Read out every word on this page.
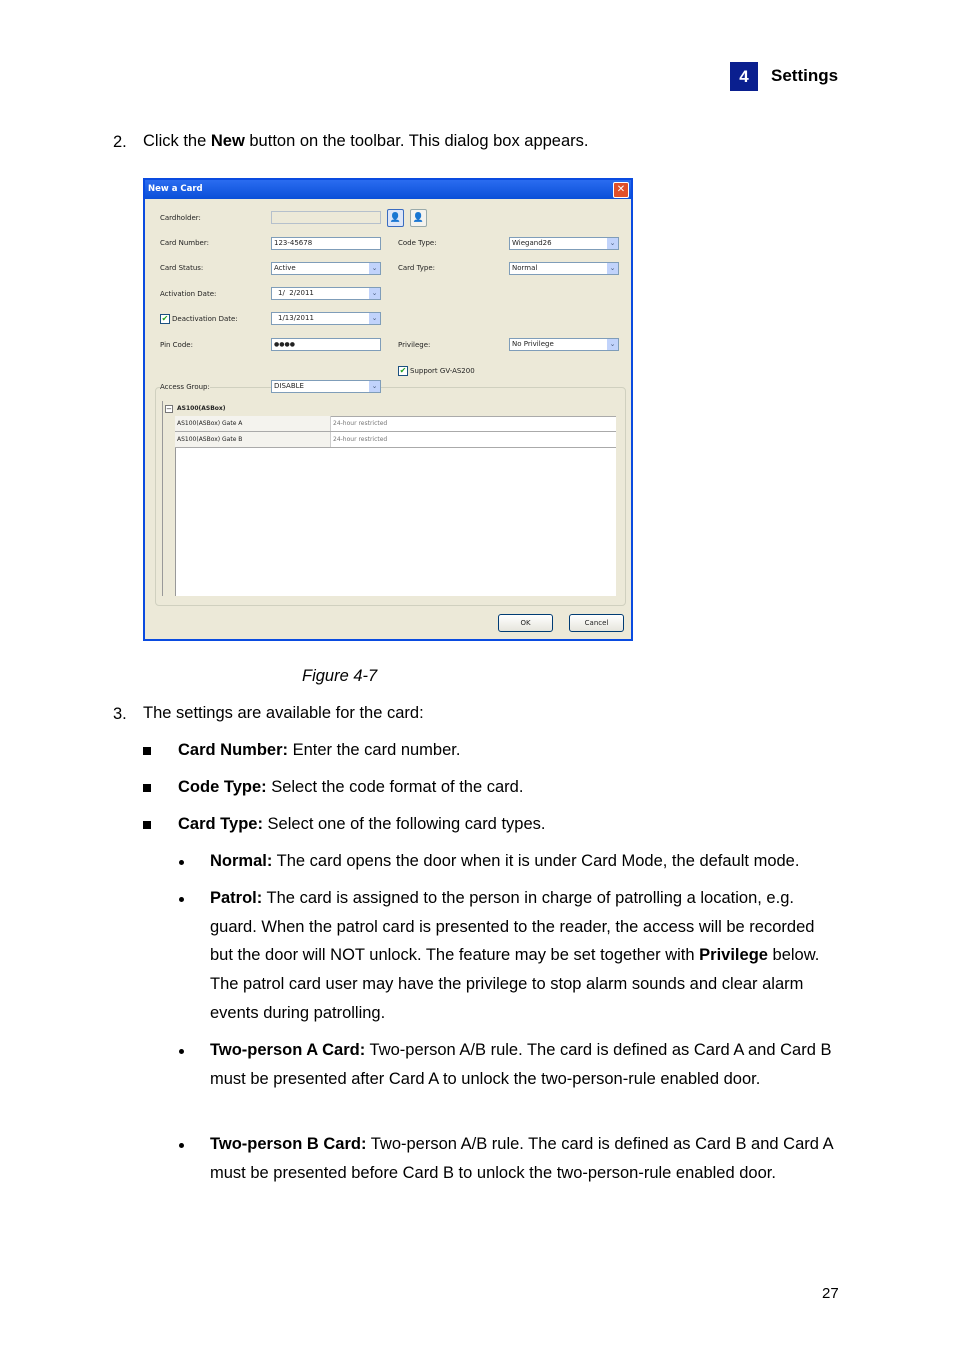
4	Settings
2. Click the New button on the toolbar. This dialog box appears.
New a Card	✕
Cardholder:	👤	👤
Card Number:	123-45678	Code Type:	Wiegand26	⌄
Card Status:	Active	⌄	Card Type:	Normal	⌄
Activation Date:	1/  2/2011	⌄
✔ Deactivation Date:	1/13/2011	⌄
Pin Code:	●●●●	Privilege:	No Privilege	⌄
✔ Support GV-AS200
Access Group:	DISABLE	⌄
− AS100(ASBox)
AS100(ASBox) Gate A	24-hour restricted
AS100(ASBox) Gate B	24-hour restricted
OK	Cancel
Figure 4-7
3. The settings are available for the card:
Card Number: Enter the card number.
Code Type: Select the code format of the card.
Card Type: Select one of the following card types.
Normal: The card opens the door when it is under Card Mode, the default mode.
Patrol: The card is assigned to the person in charge of patrolling a location, e.g. guard. When the patrol card is presented to the reader, the access will be recorded but the door will NOT unlock. The feature may be set together with Privilege below. The patrol card user may have the privilege to stop alarm sounds and clear alarm events during patrolling.
Two-person A Card: Two-person A/B rule. The card is defined as Card A and Card B must be presented after Card A to unlock the two-person-rule enabled door.
Two-person B Card: Two-person A/B rule. The card is defined as Card B and Card A must be presented before Card B to unlock the two-person-rule enabled door.
27
